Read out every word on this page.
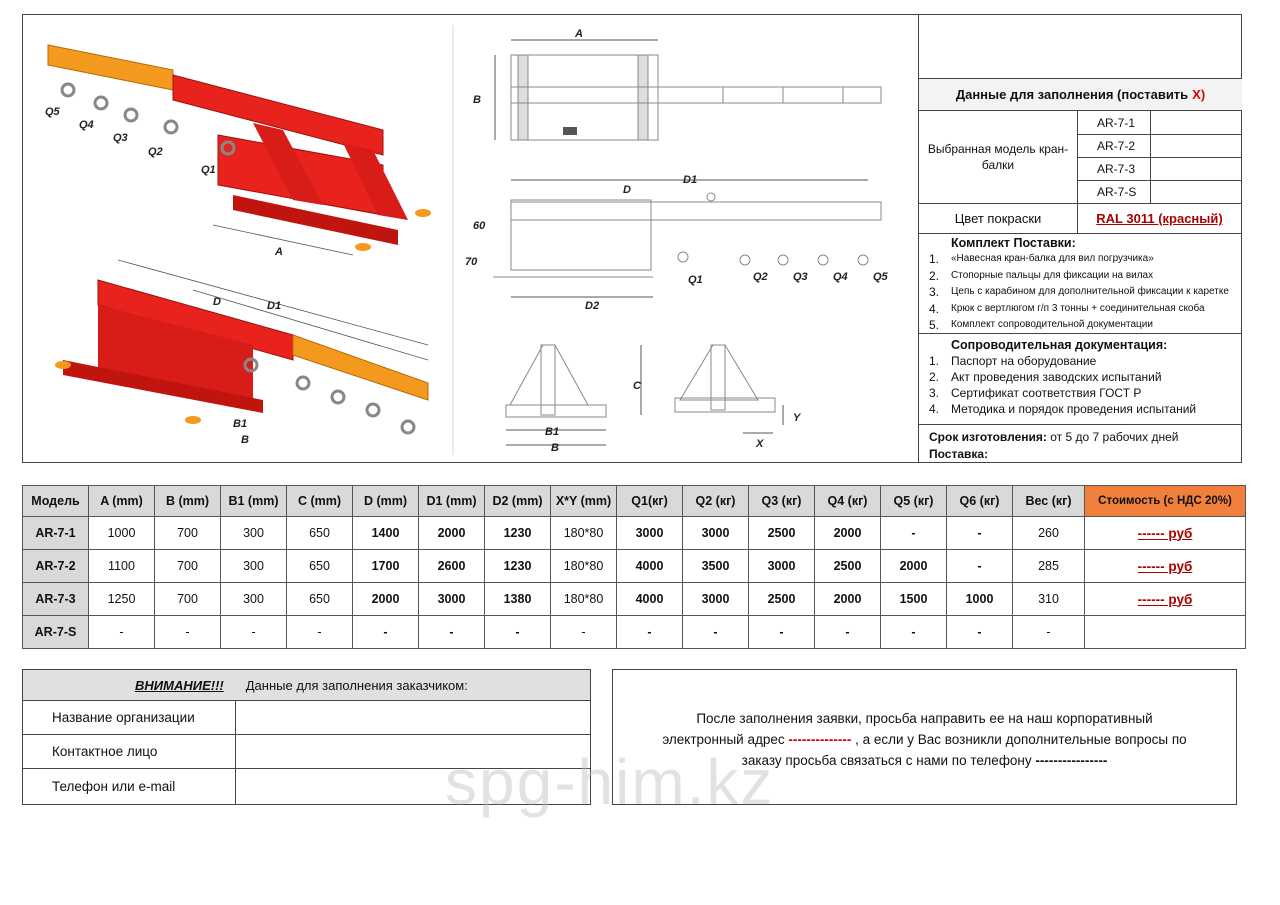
Q5
Q4
Q3
Q2
Q1
A
D	D1
B1
B
A
B
D
D1
D2
60
70
Q1	Q2 Q3 Q4 Q5
B1
B
C
Y
X
Данные для заполнения (поставить X)
Выбранная модель кран-балки
AR-7-1
AR-7-2
AR-7-3
AR-7-S
Цвет покраски	RAL 3011 (красный)
Комплект Поставки:
1.	«Навесная кран-балка для вил погрузчика»
2.	Стопорные пальцы для фиксации на вилах
3.	Цепь с карабином для дополнительной фиксации к каретке
4.	Крюк с вертлюгом г/п 3 тонны + соединительная скоба
5.	Комплект сопроводительной документации
Сопроводительная документация:
1. Паспорт на оборудование
2. Акт проведения заводских испытаний
3. Сертификат соответствия ГОСТ Р
4. Методика и порядок проведения испытаний
Срок изготовления: от 5 до 7 рабочих дней
Поставка:
Модель	A (mm)	B (mm)	B1 (mm)	C (mm)	D (mm)	D1 (mm)	D2 (mm)	X*Y (mm)	Q1(кг)	Q2 (кг)	Q3 (кг)	Q4 (кг)	Q5 (кг)	Q6 (кг)	Вес (кг)	Стоимость (с НДС 20%)
AR-7-1	1000	700	300	650	1400	2000	1230	180*80	3000	3000	2500	2000	-	-	260	------ руб
AR-7-2	1100	700	300	650	1700	2600	1230	180*80	4000	3500	3000	2500	2000	-	285	------ руб
AR-7-3	1250	700	300	650	2000	3000	1380	180*80	4000	3000	2500	2000	1500	1000	310	------ руб
AR-7-S	-	-	-	-	-	-	-	-	-	-	-	-	-	-	-	
ВНИМАНИЕ!!! Данные для заполнения заказчиком:
Название организации
Контактное лицо
Телефон или e-mail
После заполнения заявки, просьба направить ее на наш корпоративный
электронный адрес -------------- , а если у Вас возникли дополнительные вопросы по
заказу просьба связаться с нами по телефону ----------------
spg-him.kz
